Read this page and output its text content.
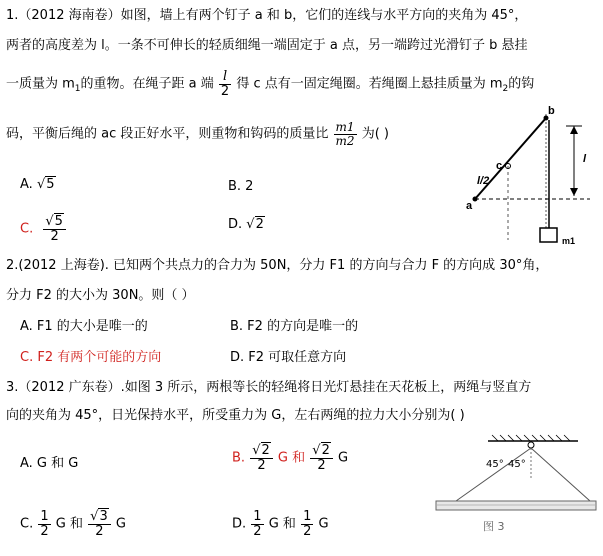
1.（2012 海南卷）如图，墙上有两个钉子 a 和 b，它们的连线与水平方向的夹角为 45°，
两者的高度差为 l。一条不可伸长的轻质细绳一端固定于 a 点，另一端跨过光滑钉子 b 悬挂
一质量为 $m_1$的重物。在绳子距 a 端 $\frac{l}{2}$ 得 c 点有一固定绳圈。若绳圈上悬挂质量为 $m_2$的钩
码，平衡后绳的 ac 段正好水平，则重物和钩码的质量比 $\frac{m1}{m2}$ 为( )
A. √5	B. 2
C. $\frac{√5}{2}$	D. √2
b
c
a
l/2
l
m1
2.(2012 上海卷). 已知两个共点力的合力为 50N，分力 F1 的方向与合力 F 的方向成 30°角，
分力 F2 的大小为 30N。则（ ）
A. F1 的大小是唯一的	B. F2 的方向是唯一的
C. F2 有两个可能的方向	D. F2 可取任意方向
3.（2012 广东卷）.如图 3 所示，两根等长的轻绳将日光灯悬挂在天花板上，两绳与竖直方
向的夹角为 45°，日光保持水平，所受重力为 G，左右两绳的拉力大小分别为( )
A. G 和 G	B. $\frac{√2}{2}$ G 和 $\frac{√2}{2}$ G
C. $\frac{1}{2}$ G 和 $\frac{√3}{2}$ G	D. $\frac{1}{2}$ G 和 $\frac{1}{2}$ G
45° 45°
图 3
